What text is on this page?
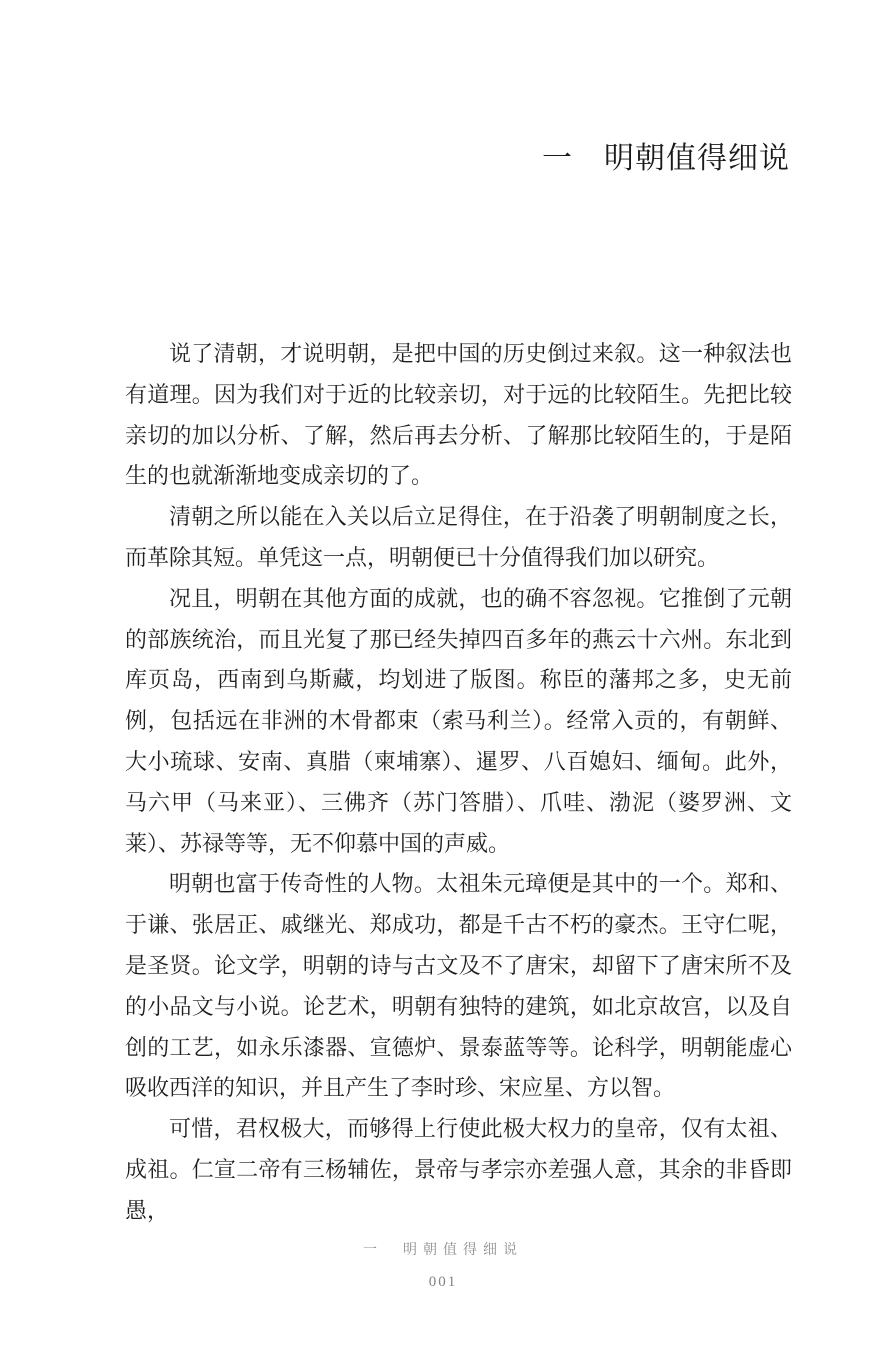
一　明朝值得细说

说了清朝，才说明朝，是把中国的历史倒过来叙。这一种叙法也有道理。因为我们对于近的比较亲切，对于远的比较陌生。先把比较亲切的加以分析、了解，然后再去分析、了解那比较陌生的，于是陌生的也就渐渐地变成亲切的了。

清朝之所以能在入关以后立足得住，在于沿袭了明朝制度之长，而革除其短。单凭这一点，明朝便已十分值得我们加以研究。

况且，明朝在其他方面的成就，也的确不容忽视。它推倒了元朝的部族统治，而且光复了那已经失掉四百多年的燕云十六州。东北到库页岛，西南到乌斯藏，均划进了版图。称臣的藩邦之多，史无前例，包括远在非洲的木骨都束（索马利兰）。经常入贡的，有朝鲜、大小琉球、安南、真腊（柬埔寨）、暹罗、八百媳妇、缅甸。此外，马六甲（马来亚）、三佛齐（苏门答腊）、爪哇、渤泥（婆罗洲、文莱）、苏禄等等，无不仰慕中国的声威。

明朝也富于传奇性的人物。太祖朱元璋便是其中的一个。郑和、于谦、张居正、戚继光、郑成功，都是千古不朽的豪杰。王守仁呢，是圣贤。论文学，明朝的诗与古文及不了唐宋，却留下了唐宋所不及的小品文与小说。论艺术，明朝有独特的建筑，如北京故宫，以及自创的工艺，如永乐漆器、宣德炉、景泰蓝等等。论科学，明朝能虚心吸收西洋的知识，并且产生了李时珍、宋应星、方以智。

可惜，君权极大，而够得上行使此极大权力的皇帝，仅有太祖、成祖。仁宣二帝有三杨辅佐，景帝与孝宗亦差强人意，其余的非昏即愚，

一　明朝值得细说
001
